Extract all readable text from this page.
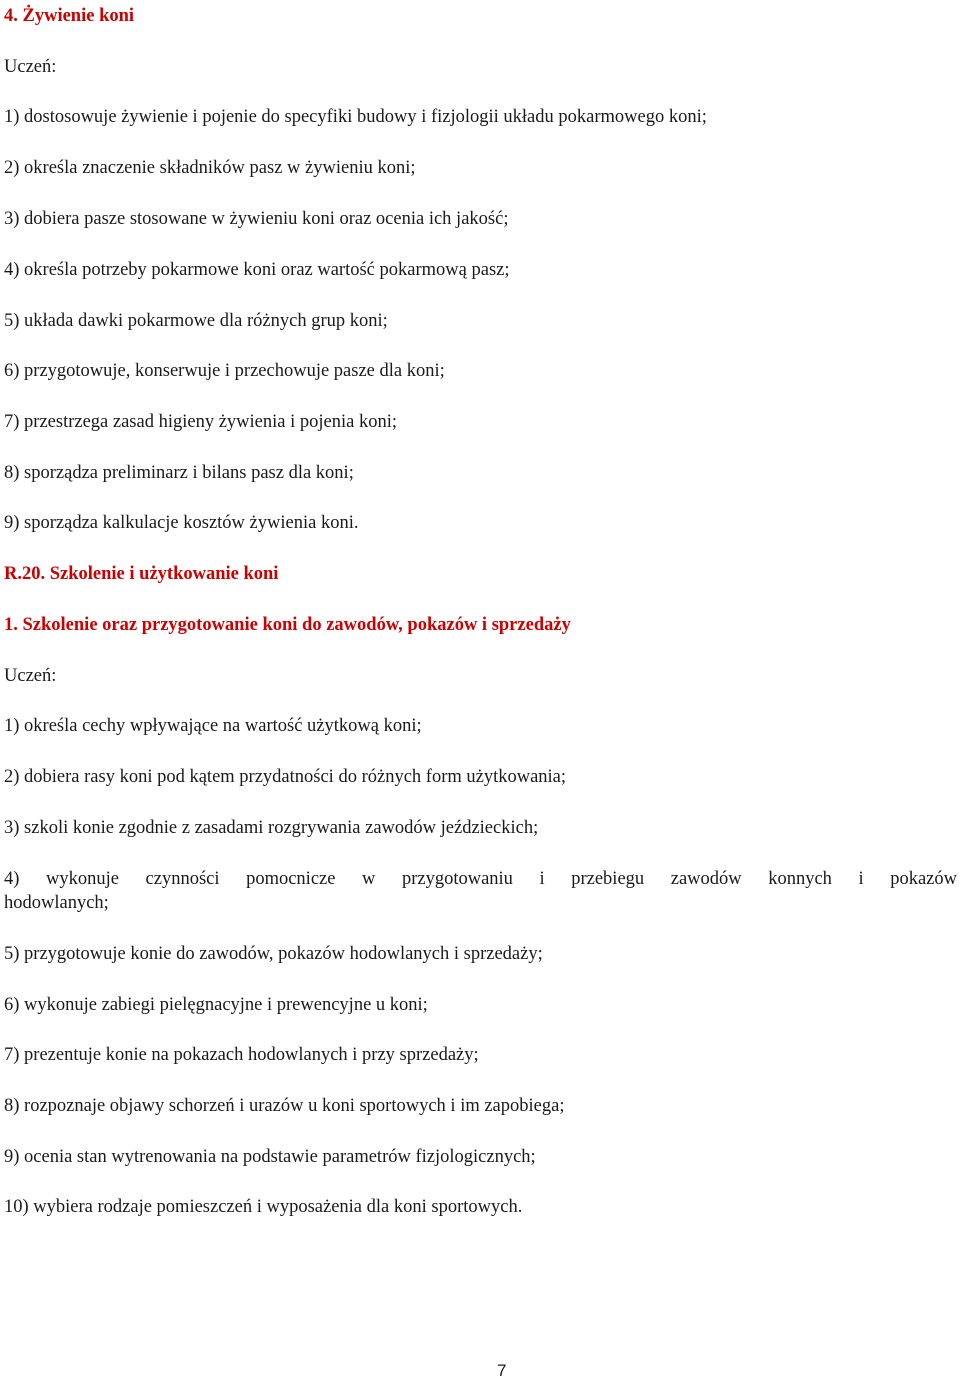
4. Żywienie koni
Uczeń:
1) dostosowuje żywienie i pojenie do specyfiki budowy i fizjologii układu pokarmowego koni;
2) określa znaczenie składników pasz w żywieniu koni;
3) dobiera pasze stosowane w żywieniu koni oraz ocenia ich jakość;
4) określa potrzeby pokarmowe koni oraz wartość pokarmową pasz;
5) układa dawki pokarmowe dla różnych grup koni;
6) przygotowuje, konserwuje i przechowuje pasze dla koni;
7) przestrzega zasad higieny żywienia i pojenia koni;
8) sporządza preliminarz i bilans pasz dla koni;
9) sporządza kalkulacje kosztów żywienia koni.
R.20. Szkolenie i użytkowanie koni
1. Szkolenie oraz przygotowanie koni do zawodów, pokazów i sprzedaży
Uczeń:
1) określa cechy wpływające na wartość użytkową koni;
2) dobiera rasy koni pod kątem przydatności do różnych form użytkowania;
3) szkoli konie zgodnie z zasadami rozgrywania zawodów jeździeckich;
4) wykonuje czynności pomocnicze w przygotowaniu i przebiegu zawodów konnych i pokazów
hodowlanych;
5) przygotowuje konie do zawodów, pokazów hodowlanych i sprzedaży;
6) wykonuje zabiegi pielęgnacyjne i prewencyjne u koni;
7) prezentuje konie na pokazach hodowlanych i przy sprzedaży;
8) rozpoznaje objawy schorzeń i urazów u koni sportowych i im zapobiega;
9) ocenia stan wytrenowania na podstawie parametrów fizjologicznych;
10) wybiera rodzaje pomieszczeń i wyposażenia dla koni sportowych.
7
